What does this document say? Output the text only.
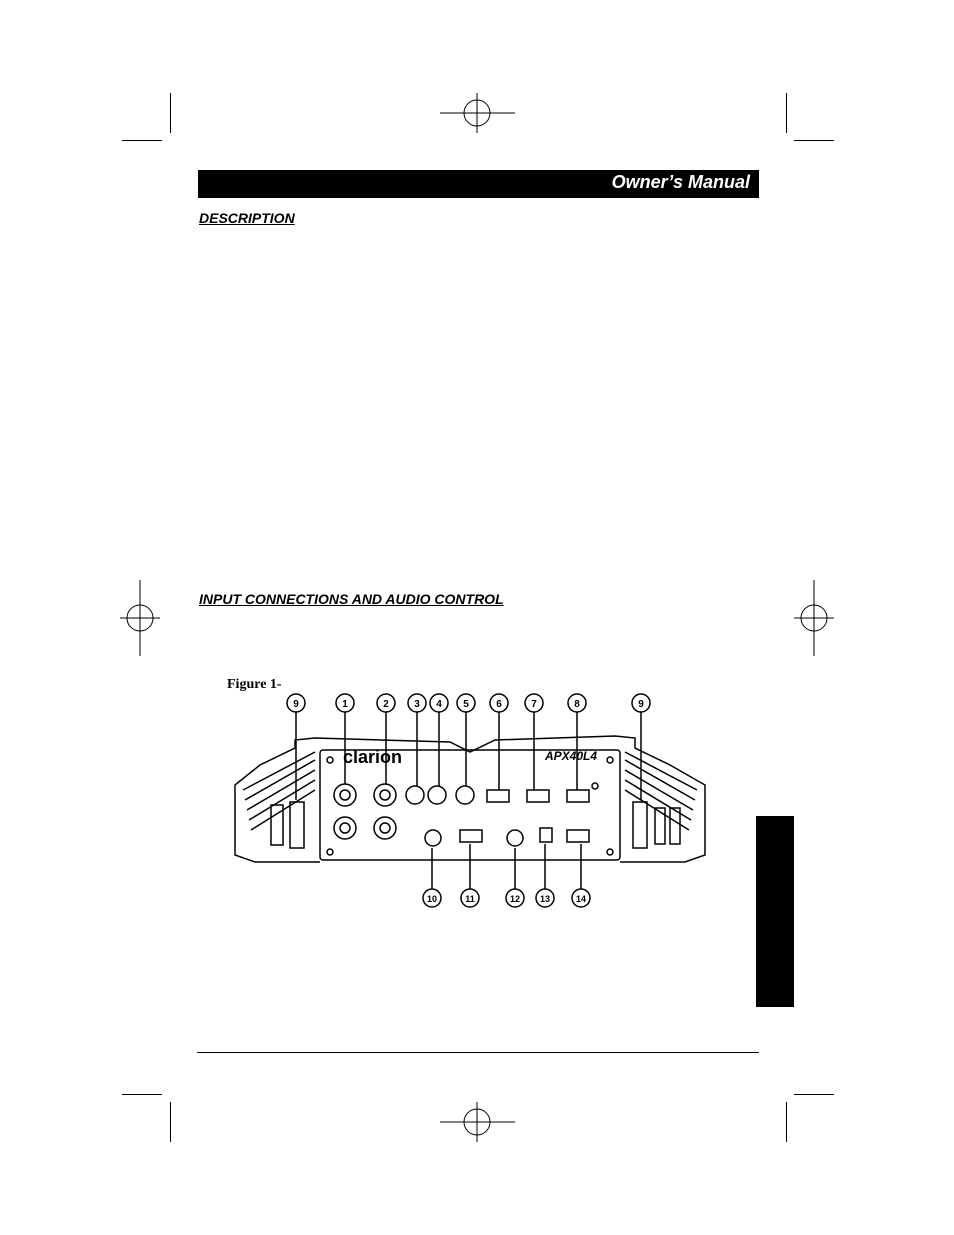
Owner’s Manual
DESCRIPTION
INPUT CONNECTIONS AND AUDIO CONTROL
Figure 1-
clarion	APX40L4
9	1	2	3 4 5	6	7	8	9
10	11	12 13	14
